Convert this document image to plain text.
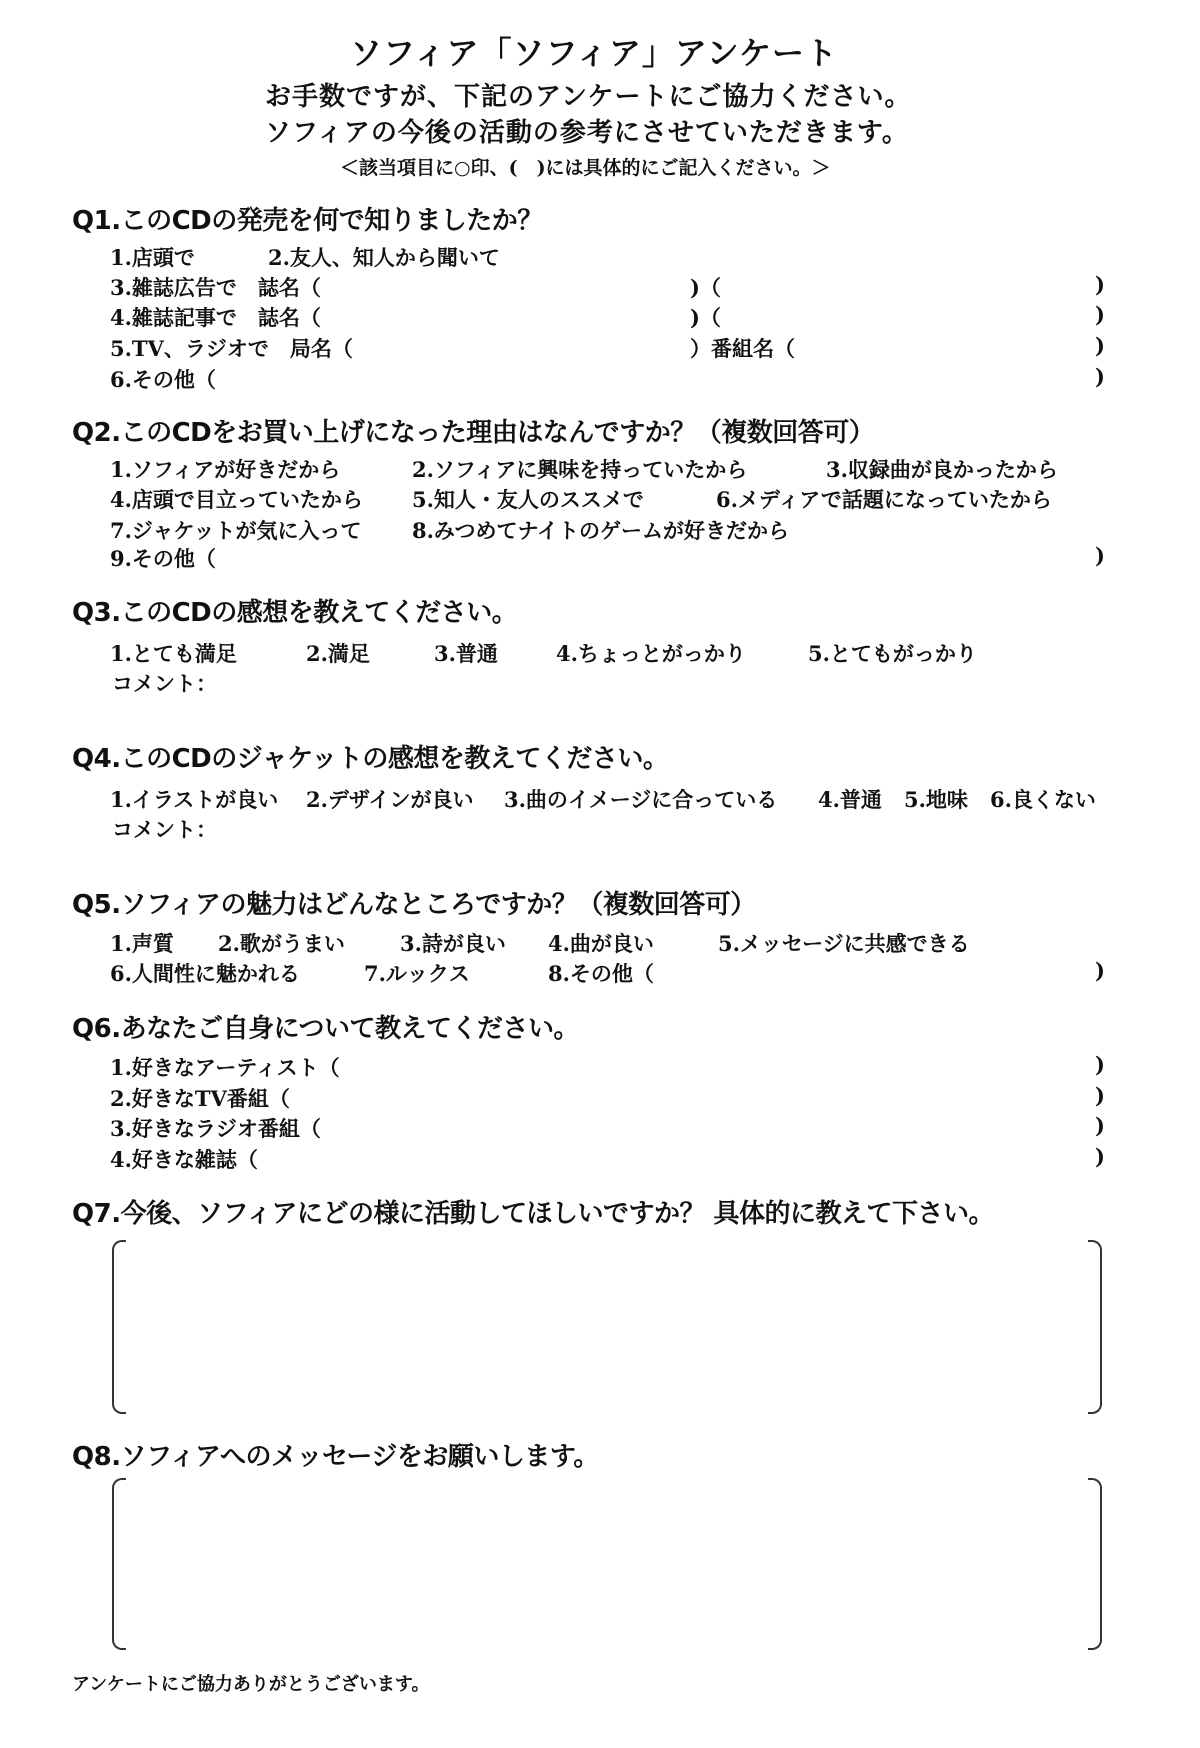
ソフィア「ソフィア」アンケート
お手数ですが、下記のアンケートにご協力ください。
ソフィアの今後の活動の参考にさせていただきます。
＜該当項目に○印、(　)には具体的にご記入ください。＞
Q1.このCDの発売を何で知りましたか？
1.店頭で	2.友人、知人から聞いて
3.雑誌広告で　誌名（	)（	)
4.雑誌記事で　誌名（	)（	)
5.TV、ラジオで　局名（	）番組名（	)
6.その他（	)
Q2.このCDをお買い上げになった理由はなんですか？（複数回答可）
1.ソフィアが好きだから	2.ソフィアに興味を持っていたから	3.収録曲が良かったから
4.店頭で目立っていたから 5.知人・友人のススメで	6.メディアで話題になっていたから
7.ジャケットが気に入って 8.みつめてナイトのゲームが好きだから
9.その他（	)
Q3.このCDの感想を教えてください。
1.とても満足	2.満足	3.普通	4.ちょっとがっかり	5.とてもがっかり
コメント：
Q4.このCDのジャケットの感想を教えてください。
1.イラストが良い 2.デザインが良い 3.曲のイメージに合っている 4.普通 5.地味 6.良くない
コメント：
Q5.ソフィアの魅力はどんなところですか？（複数回答可）
1.声質 2.歌がうまい	3.詩が良い 4.曲が良い	5.メッセージに共感できる
6.人間性に魅かれる	7.ルックス	8.その他（	)
Q6.あなたご自身について教えてください。
1.好きなアーティスト（	)
2.好きなTV番組（	)
3.好きなラジオ番組（	)
4.好きな雑誌（	)
Q7.今後、ソフィアにどの様に活動してほしいですか？ 具体的に教えて下さい。
Q8.ソフィアへのメッセージをお願いします。
アンケートにご協力ありがとうございます。
